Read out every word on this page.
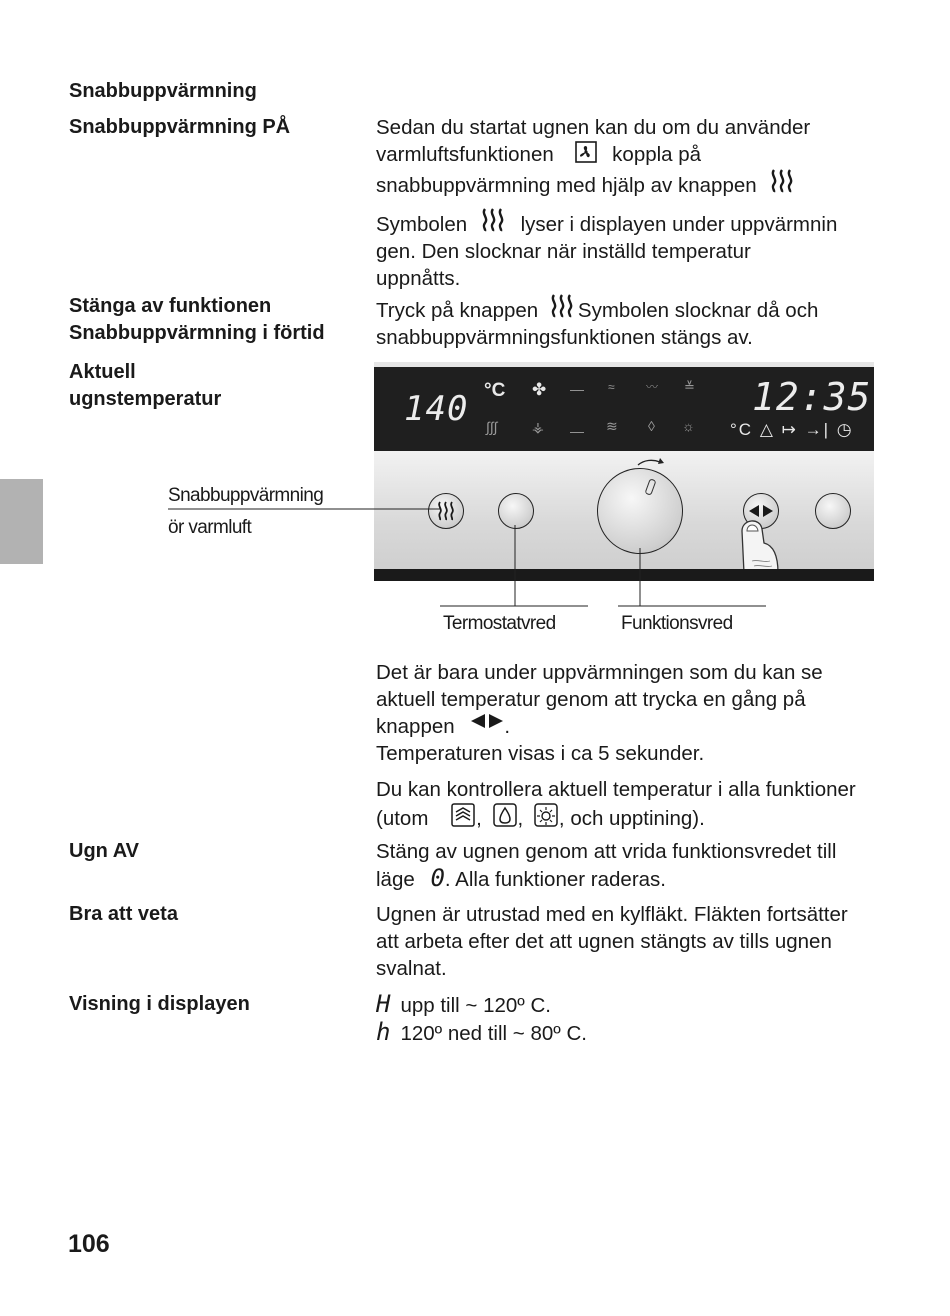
Snabbuppvärmning
Snabbuppvärmning PÅ	Sedan du startat ugnen kan du om du använder
varmluftsfunktionen	koppla på
snabbuppvärmning med hjälp av knappen
Symbolen	lyser i displayen under uppvärmnin
gen. Den slocknar när inställd temperatur
uppnåtts.
Stänga av funktionen
Snabbuppvärmning i förtid
Tryck på knappen Symbolen slocknar då och
snabbuppvärmningsfunktionen stängs av.
Aktuell
ugnstemperatur	140 °C ✤ — ≈	〰 ≚
∫∫∫ ⚶ — ≋ ◊ ☼
12:35
°C △ ↦ →| ◷
Snabbuppvärmning
ör varmluft
Termostatvred	Funktionsvred
Det är bara under uppvärmningen som du kan se
aktuell temperatur genom att trycka en gång på
knappen .
Temperaturen visas i ca 5 sekunder.
Du kan kontrollera aktuell temperatur i alla funktioner
(utom , , , och upptining).
Ugn AV	Stäng av ugnen genom att vrida funktionsvredet till
läge 0. Alla funktioner raderas.
Bra att veta	Ugnen är utrustad med en kylfläkt. Fläkten fortsätter
att arbeta efter det att ugnen stängts av tills ugnen
svalnat.
Visning i displayen	H upp till ~ 120º C.
h 120º ned till ~ 80º C.
106
